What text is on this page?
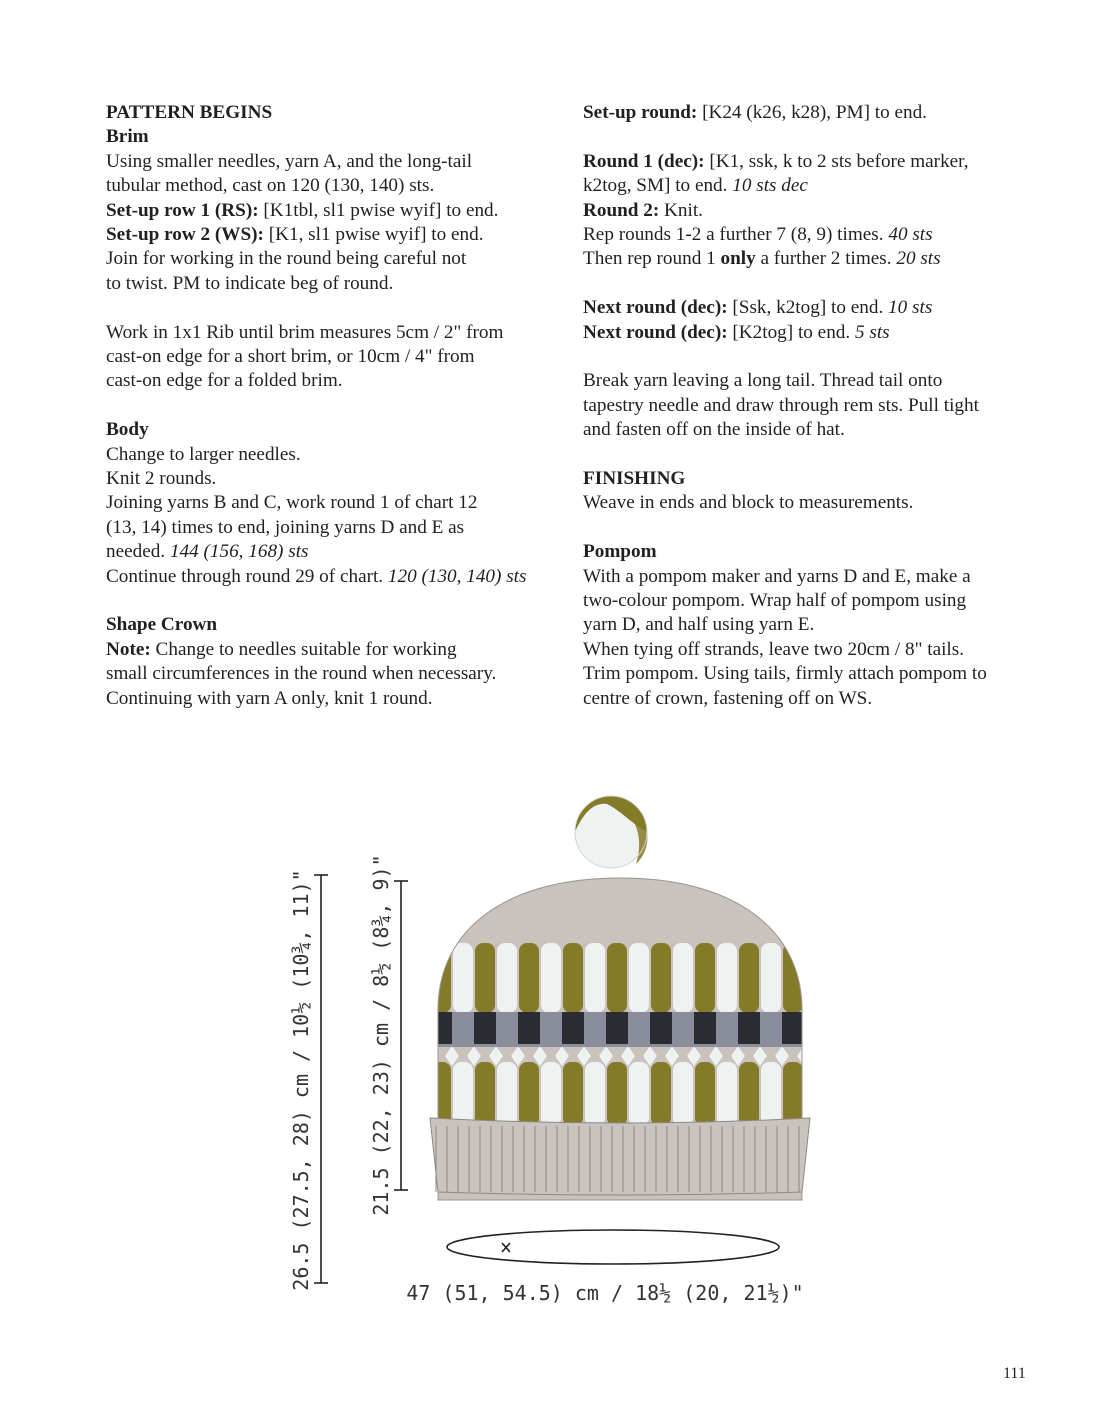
PATTERN BEGINS
Brim
Using smaller needles, yarn A, and the long-tail
tubular method, cast on 120 (130, 140) sts.
Set-up row 1 (RS): [K1tbl, sl1 pwise wyif] to end.
Set-up row 2 (WS): [K1, sl1 pwise wyif] to end.
Join for working in the round being careful not
to twist. PM to indicate beg of round.
Work in 1x1 Rib until brim measures 5cm / 2" from
cast-on edge for a short brim, or 10cm / 4" from
cast-on edge for a folded brim.
Body
Change to larger needles.
Knit 2 rounds.
Joining yarns B and C, work round 1 of chart 12
(13, 14) times to end, joining yarns D and E as
needed. 144 (156, 168) sts
Continue through round 29 of chart. 120 (130, 140) sts
Shape Crown
Note: Change to needles suitable for working
small circumferences in the round when necessary.
Continuing with yarn A only, knit 1 round.
Set-up round: [K24 (k26, k28), PM] to end.
Round 1 (dec): [K1, ssk, k to 2 sts before marker,
k2tog, SM] to end. 10 sts dec
Round 2: Knit.
Rep rounds 1-2 a further 7 (8, 9) times. 40 sts
Then rep round 1 only a further 2 times. 20 sts
Next round (dec): [Ssk, k2tog] to end. 10 sts
Next round (dec): [K2tog] to end. 5 sts
Break yarn leaving a long tail. Thread tail onto
tapestry needle and draw through rem sts. Pull tight
and fasten off on the inside of hat.
FINISHING
Weave in ends and block to measurements.
Pompom
With a pompom maker and yarns D and E, make a
two-colour pompom. Wrap half of pompom using
yarn D, and half using yarn E.
When tying off strands, leave two 20cm / 8" tails.
Trim pompom. Using tails, firmly attach pompom to
centre of crown, fastening off on WS.
26.5 (27.5, 28) cm / 10½ (10¾, 11)"	21.5 (22, 23) cm / 8½ (8¾, 9)"
47 (51, 54.5) cm / 18½ (20, 21½)"
111
